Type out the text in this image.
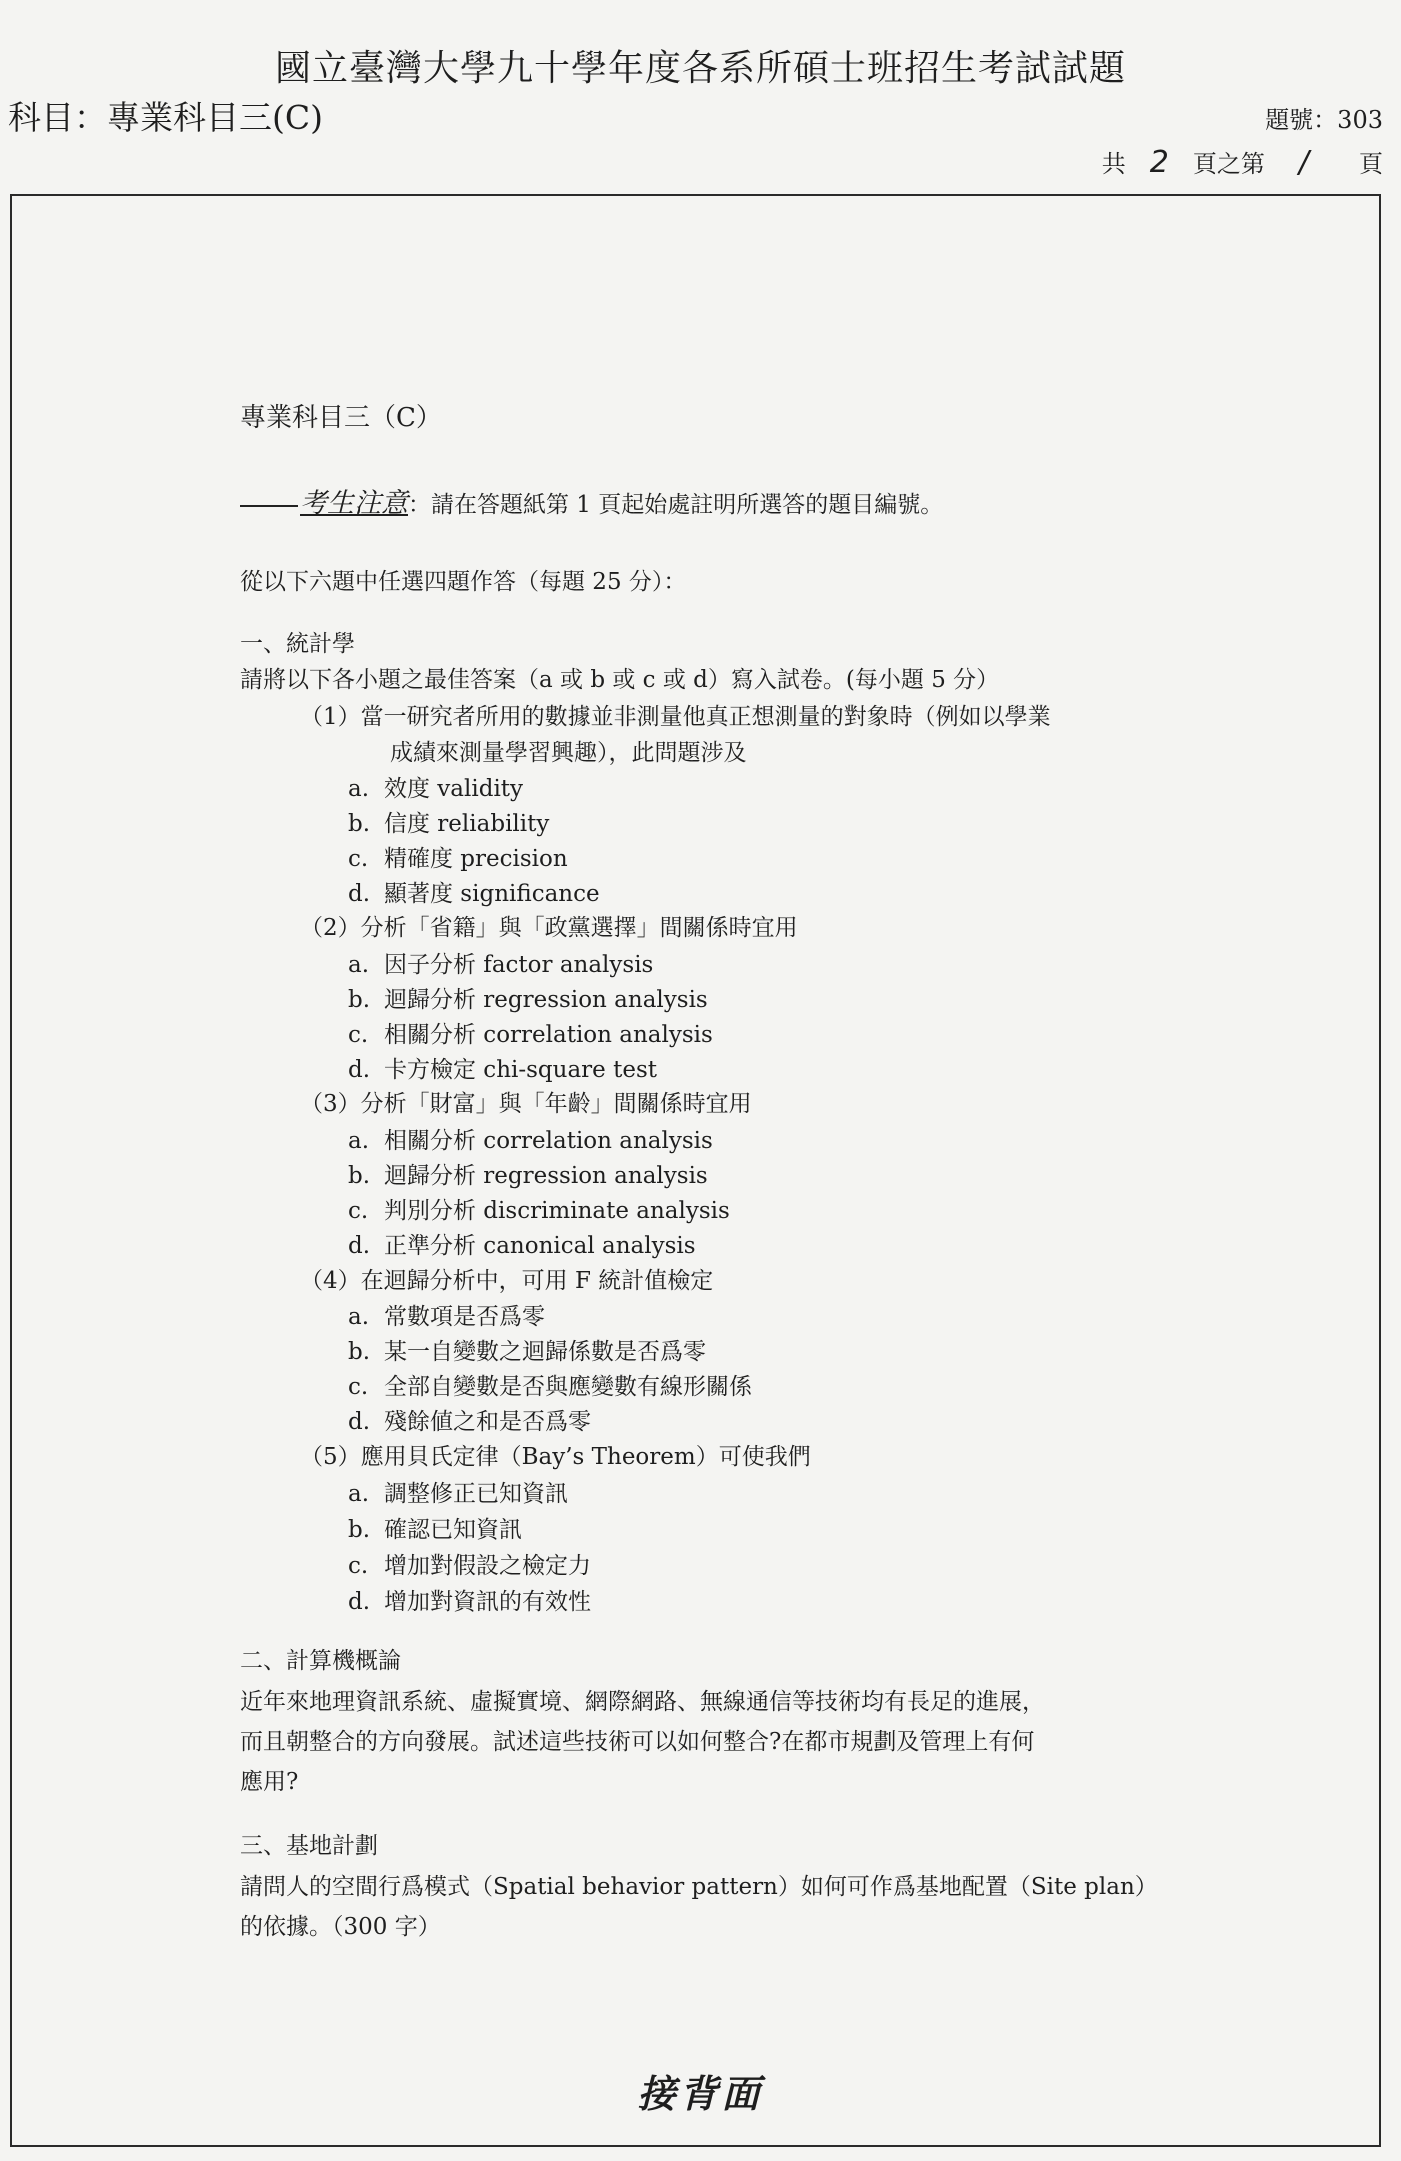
國立臺灣大學九十學年度各系所碩士班招生考試試題
科目：專業科目三(C)	題號：303
共 2 頁之第 / 頁
專業科目三（C）
考生注意：請在答題紙第 1 頁起始處註明所選答的題目編號。
從以下六題中任選四題作答（每題 25 分）：
一、統計學
請將以下各小題之最佳答案（a 或 b 或 c 或 d）寫入試卷。(每小題 5 分）
（1）當一研究者所用的數據並非測量他真正想測量的對象時（例如以學業
成績來測量學習興趣），此問題涉及
a. 效度 validity
b. 信度 reliability
c. 精確度 precision
d. 顯著度 significance
（2）分析「省籍」與「政黨選擇」間關係時宜用
a. 因子分析 factor analysis
b. 迴歸分析 regression analysis
c. 相關分析 correlation analysis
d. 卡方檢定 chi-square test
（3）分析「財富」與「年齡」間關係時宜用
a. 相關分析 correlation analysis
b. 迴歸分析 regression analysis
c. 判別分析 discriminate analysis
d. 正準分析 canonical analysis
（4）在迴歸分析中，可用 F 統計值檢定
a. 常數項是否爲零
b. 某一自變數之迴歸係數是否爲零
c. 全部自變數是否與應變數有線形關係
d. 殘餘値之和是否爲零
（5）應用貝氏定律（Bay’s Theorem）可使我們
a. 調整修正已知資訊
b. 確認已知資訊
c. 增加對假設之檢定力
d. 增加對資訊的有效性
二、計算機概論
近年來地理資訊系統、虛擬實境、網際網路、無線通信等技術均有長足的進展，
而且朝整合的方向發展。試述這些技術可以如何整合?在都市規劃及管理上有何
應用?
三、基地計劃
請問人的空間行爲模式（Spatial behavior pattern）如何可作爲基地配置（Site plan）
的依據。（300 字）
接背面
